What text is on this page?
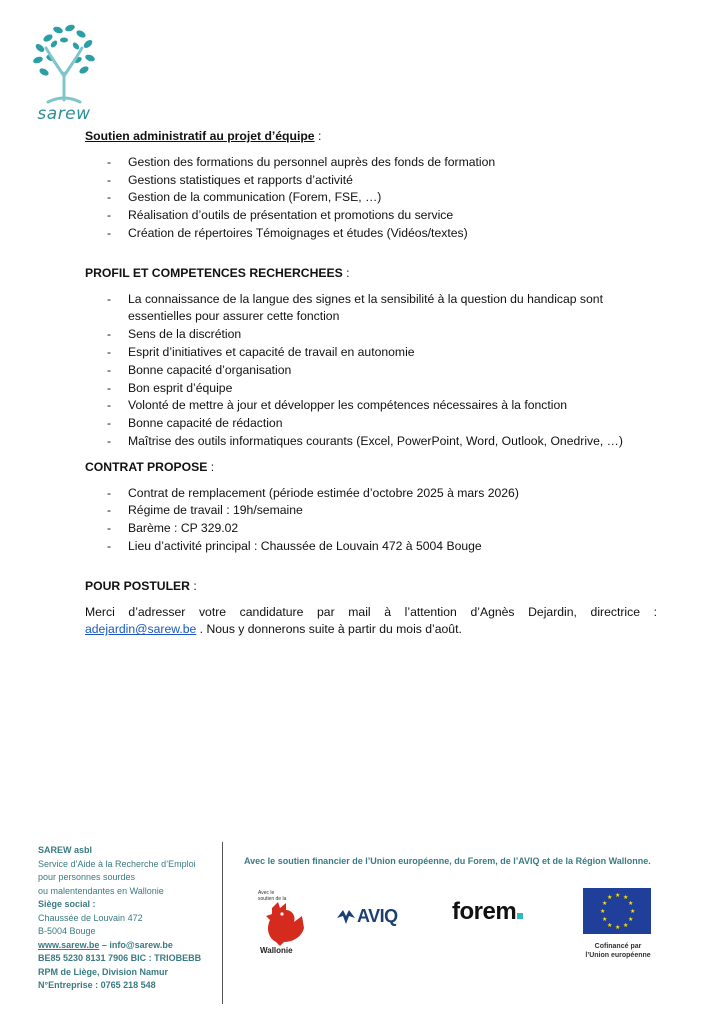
sarew

Soutien administratif au projet d’équipe :

- Gestion des formations du personnel auprès des fonds de formation
- Gestions statistiques et rapports d’activité
- Gestion de la communication (Forem, FSE, …)
- Réalisation d’outils de présentation et promotions du service
- Création de répertoires Témoignages et études (Vidéos/textes)

PROFIL ET COMPETENCES RECHERCHEES :

- La connaissance de la langue des signes et la sensibilité à la question du handicap sont essentielles pour assurer cette fonction
- Sens de la discrétion
- Esprit d’initiatives et capacité de travail en autonomie
- Bonne capacité d’organisation
- Bon esprit d’équipe
- Volonté de mettre à jour et développer les compétences nécessaires à la fonction
- Bonne capacité de rédaction
- Maîtrise des outils informatiques courants (Excel, PowerPoint, Word, Outlook, Onedrive, …)

CONTRAT PROPOSE :

- Contrat de remplacement (période estimée d’octobre 2025 à mars 2026)
- Régime de travail : 19h/semaine
- Barème : CP 329.02
- Lieu d’activité principal : Chaussée de Louvain 472 à 5004 Bouge

POUR POSTULER :

Merci d’adresser votre candidature par mail à l’attention d’Agnès Dejardin, directrice : adejardin@sarew.be . Nous y donnerons suite à partir du mois d’août.

SAREW asbl
Service d’Aide à la Recherche d’Emploi
pour personnes sourdes
ou malentendantes en Wallonie
Siège social :
Chaussée de Louvain 472
B-5004 Bouge
www.sarew.be – info@sarew.be
BE85 5230 8131 7906 BIC : TRIOBEBB
RPM de Liège, Division Namur
N°Entreprise : 0765 218 548
Avec le soutien financier de l’Union européenne, du Forem, de l’AVIQ et de la Région Wallonne.
Avec le soutien de la
Wallonie
AVIQ forem
★ ★
★
★
★
★
★
★
★
★
★
★
Cofinancé par
l’Union européenne
